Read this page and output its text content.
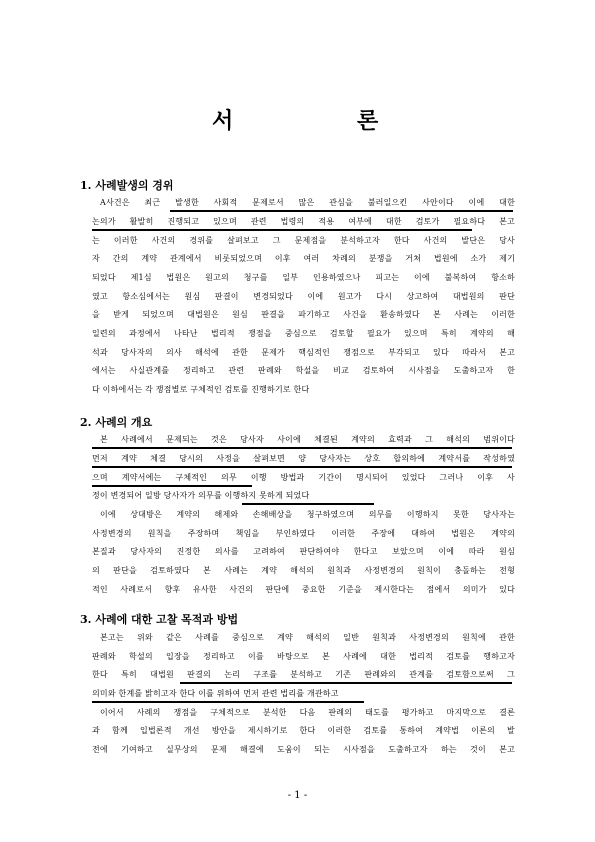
서	론
1. 사례발생의 경위
A사건은 최근 발생한 사회적 문제로서 많은 관심을 불러일으킨 사안이다 이에 대한
논의가 활발히 진행되고 있으며 관련 법령의 적용 여부에 대한 검토가 필요하다 본고
는 이러한 사건의 경위를 살펴보고 그 문제점을 분석하고자 한다 사건의 발단은 당사
자 간의 계약 관계에서 비롯되었으며 이후 여러 차례의 분쟁을 거쳐 법원에 소가 제기
되었다 제1심 법원은 원고의 청구를 일부 인용하였으나 피고는 이에 불복하여 항소하
였고 항소심에서는 원심 판결이 변경되었다 이에 원고가 다시 상고하여 대법원의 판단
을 받게 되었으며 대법원은 원심 판결을 파기하고 사건을 환송하였다 본 사례는 이러한
일련의 과정에서 나타난 법리적 쟁점을 중심으로 검토할 필요가 있으며 특히 계약의 해
석과 당사자의 의사 해석에 관한 문제가 핵심적인 쟁점으로 부각되고 있다 따라서 본고
에서는 사실관계를 정리하고 관련 판례와 학설을 비교 검토하여 시사점을 도출하고자 한
다 이하에서는 각 쟁점별로 구체적인 검토를 진행하기로 한다
2. 사례의 개요
본 사례에서 문제되는 것은 당사자 사이에 체결된 계약의 효력과 그 해석의 범위이다
먼저 계약 체결 당시의 사정을 살펴보면 양 당사자는 상호 합의하에 계약서를 작성하였
으며 계약서에는 구체적인 의무 이행 방법과 기간이 명시되어 있었다 그러나 이후 사
정이 변경되어 일방 당사자가 의무를 이행하지 못하게 되었다
이에 상대방은 계약의 해제와 손해배상을 청구하였으며 의무를 이행하지 못한 당사자는
사정변경의 원칙을 주장하며 책임을 부인하였다 이러한 주장에 대하여 법원은 계약의
본질과 당사자의 진정한 의사를 고려하여 판단하여야 한다고 보았으며 이에 따라 원심
의 판단을 검토하였다 본 사례는 계약 해석의 원칙과 사정변경의 원칙이 충돌하는 전형
적인 사례로서 향후 유사한 사건의 판단에 중요한 기준을 제시한다는 점에서 의미가 있다
3. 사례에 대한 고찰 목적과 방법
본고는 위와 같은 사례를 중심으로 계약 해석의 일반 원칙과 사정변경의 원칙에 관한
판례와 학설의 입장을 정리하고 이를 바탕으로 본 사례에 대한 법리적 검토를 행하고자
한다 특히 대법원 판결의 논리 구조를 분석하고 기존 판례와의 관계를 검토함으로써 그
의미와 한계를 밝히고자 한다 이를 위하여 먼저 관련 법리를 개관하고
이어서 사례의 쟁점을 구체적으로 분석한 다음 판례의 태도를 평가하고 마지막으로 결론
과 함께 입법론적 개선 방안을 제시하기로 한다 이러한 검토를 통하여 계약법 이론의 발
전에 기여하고 실무상의 문제 해결에 도움이 되는 시사점을 도출하고자 하는 것이 본고
- 1 -
